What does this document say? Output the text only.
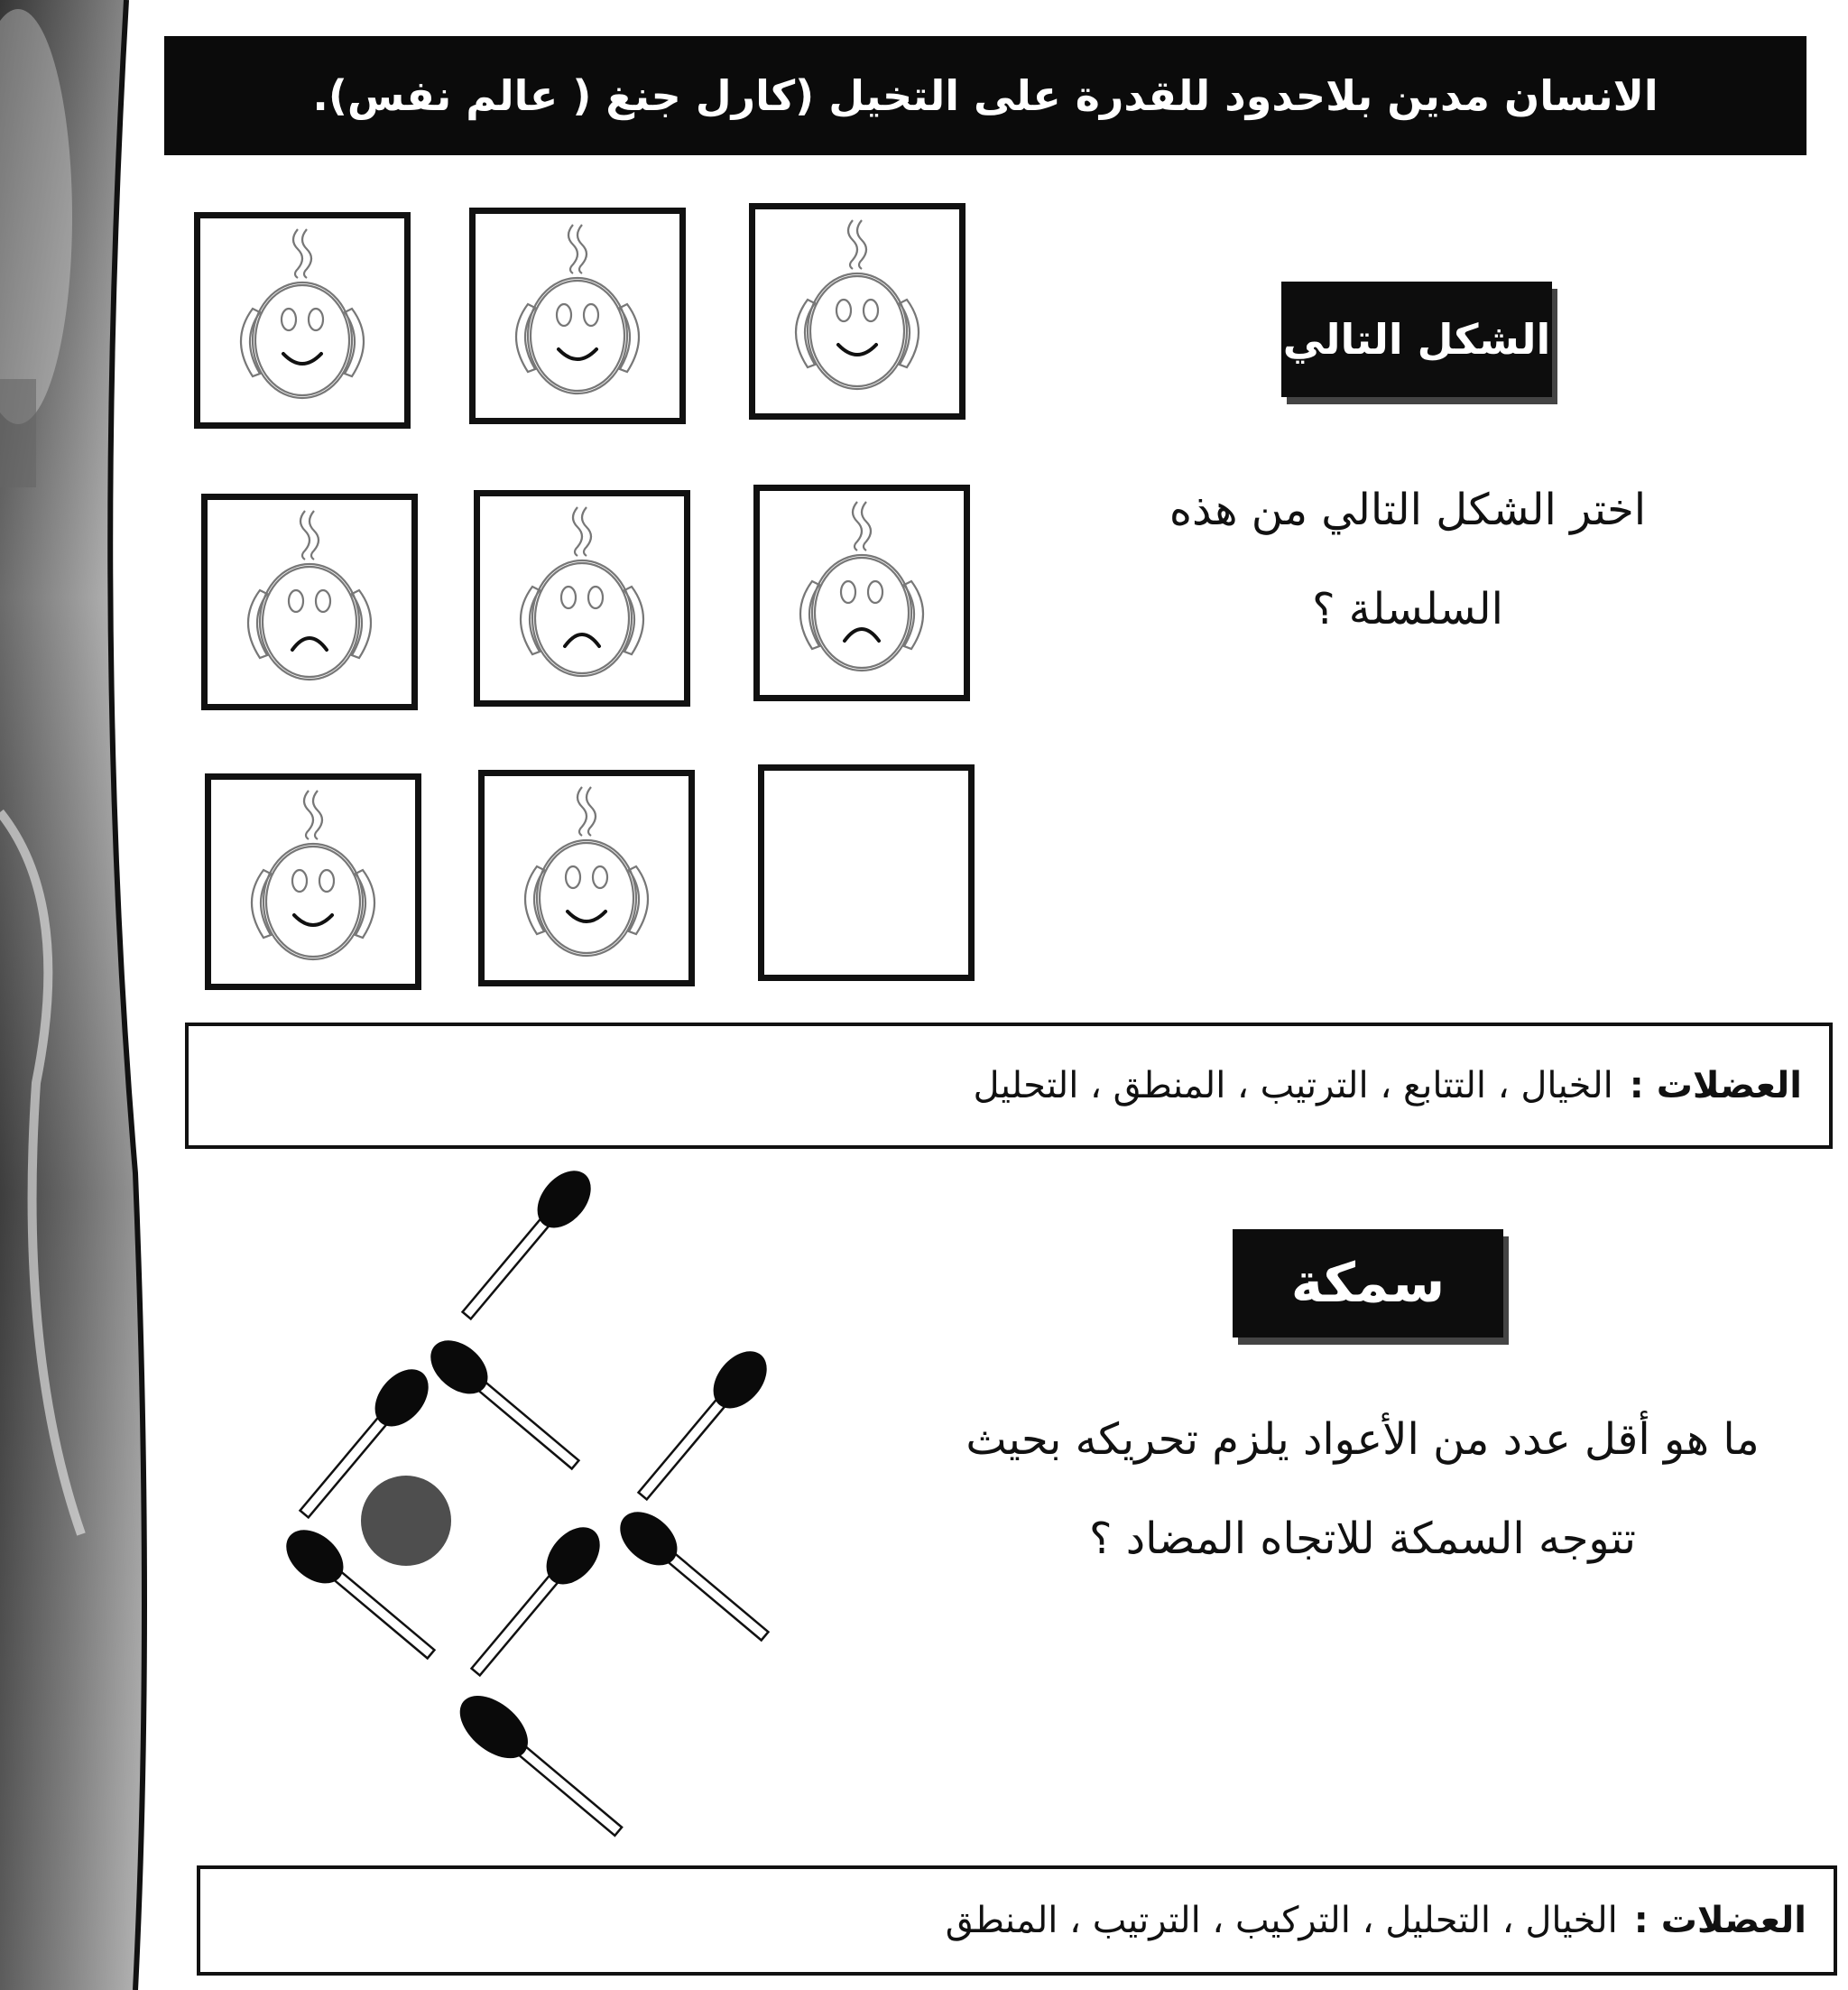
الانسان مدين بلاحدود للقدرة على التخيل (كارل جنغ ( عالم نفس).
الشكل التالي
اختر الشكل التالي من هذه
السلسلة ؟
العضلات :
الخيال ، التتابع ، الترتيب ، المنطق ، التحليل
سمكة
ما هو أقل عدد من الأعواد يلزم تحريكه بحيث
تتوجه السمكة للاتجاه المضاد ؟
العضلات :
الخيال ، التحليل ، التركيب ، الترتيب ، المنطق
